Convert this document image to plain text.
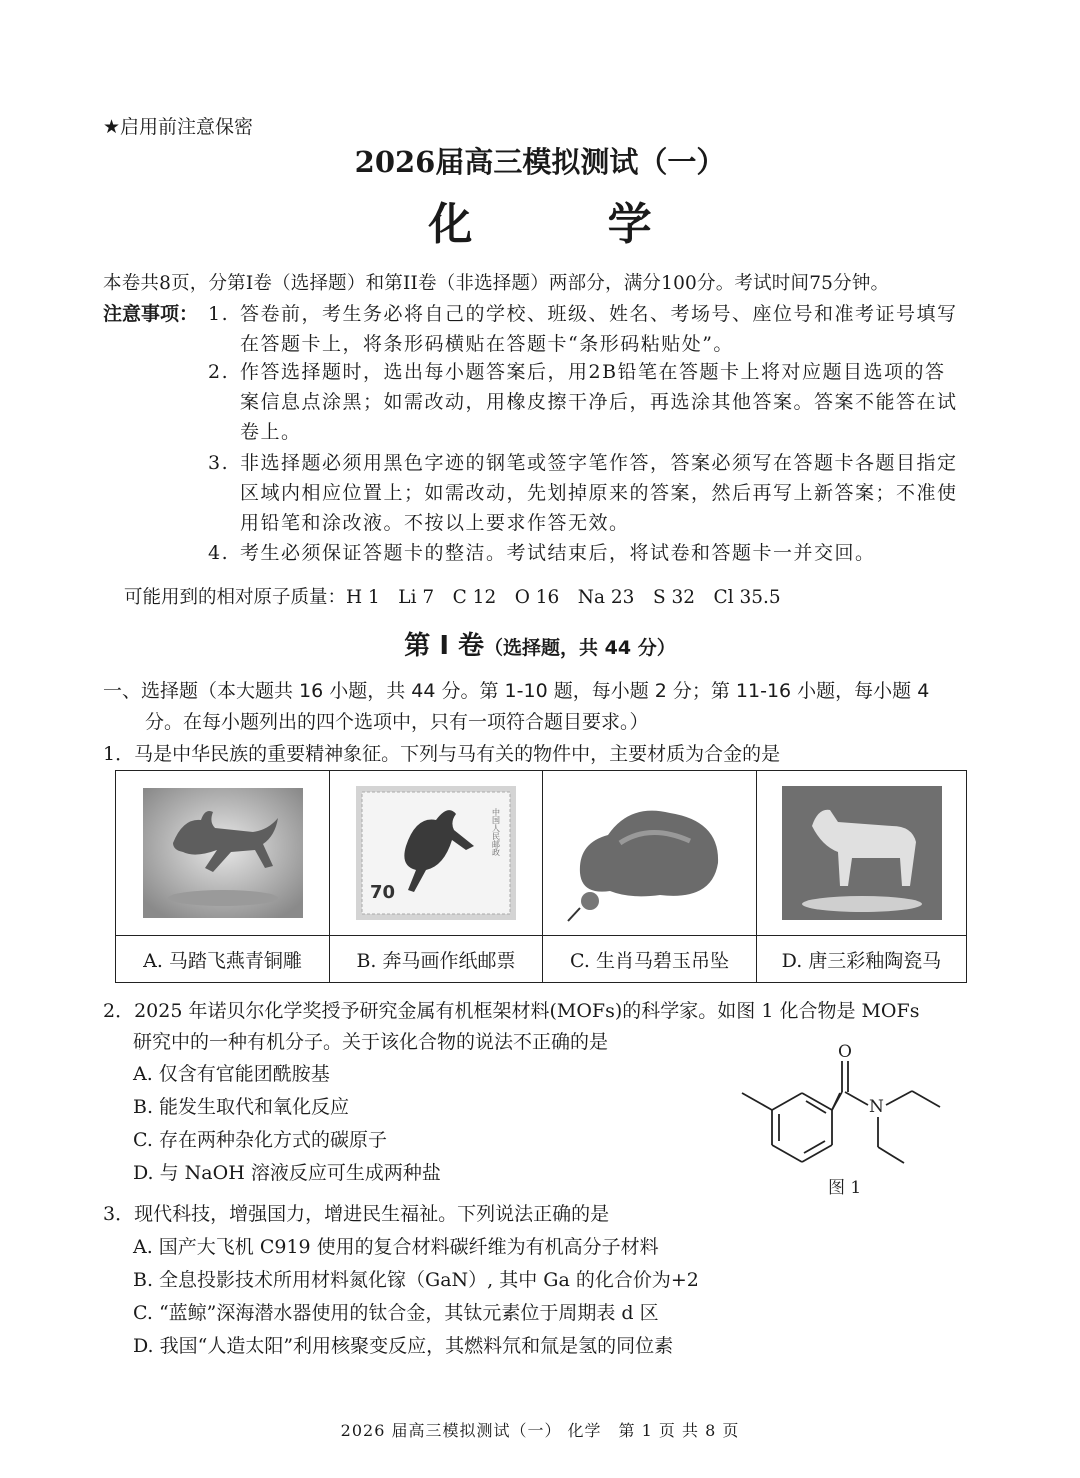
★启用前注意保密
2026届高三模拟测试（一）
化 学
本卷共8页，分第I卷（选择题）和第II卷（非选择题）两部分，满分100分。考试时间75分钟。
注意事项： 1. 答卷前，考生务必将自己的学校、班级、姓名、考场号、座位号和准考证号填写
在答题卡上，将条形码横贴在答题卡“条形码粘贴处”。
2. 作答选择题时，选出每小题答案后，用2B铅笔在答题卡上将对应题目选项的答
案信息点涂黑；如需改动，用橡皮擦干净后，再选涂其他答案。答案不能答在试
卷上。
3. 非选择题必须用黑色字迹的钢笔或签字笔作答，答案必须写在答题卡各题目指定
区域内相应位置上；如需改动，先划掉原来的答案，然后再写上新答案；不准使
用铅笔和涂改液。不按以上要求作答无效。
4. 考生必须保证答题卡的整洁。考试结束后，将试卷和答题卡一并交回。
可能用到的相对原子质量：H 1　Li 7　C 12　O 16　Na 23　S 32　Cl 35.5
第 I 卷（选择题，共 44 分）
一、选择题（本大题共 16 小题，共 44 分。第 1-10 题，每小题 2 分；第 11-16 小题，每小题 4
分。在每小题列出的四个选项中，只有一项符合题目要求。）
1．马是中华民族的重要精神象征。下列与马有关的物件中，主要材质为合金的是

70
中国人民邮政

A. 马踏飞燕青铜雕	B. 奔马画作纸邮票	C. 生肖马碧玉吊坠	D. 唐三彩釉陶瓷马
2．2025 年诺贝尔化学奖授予研究金属有机框架材料(MOFs)的科学家。如图 1 化合物是 MOFs
研究中的一种有机分子。关于该化合物的说法不正确的是
A. 仅含有官能团酰胺基
B. 能发生取代和氧化反应
C. 存在两种杂化方式的碳原子
D. 与 NaOH 溶液反应可生成两种盐
O
N
图 1
3．现代科技，增强国力，增进民生福祉。下列说法正确的是
A. 国产大飞机 C919 使用的复合材料碳纤维为有机高分子材料
B. 全息投影技术所用材料氮化镓（GaN）, 其中 Ga 的化合价为+2
C. “蓝鲸”深海潜水器使用的钛合金，其钛元素位于周期表 d 区
D. 我国“人造太阳”利用核聚变反应，其燃料氘和氚是氢的同位素
2026 届高三模拟测试（一） 化学　第 1 页 共 8 页
